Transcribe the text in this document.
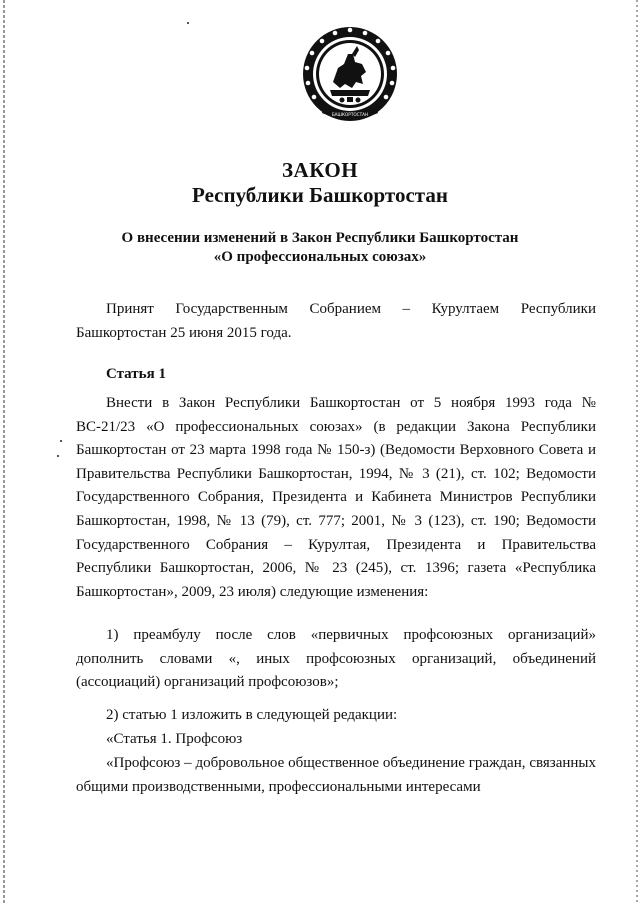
БАШКОРТОСТАН
ЗАКОН
Республики Башкортостан
О внесении изменений в Закон Республики Башкортостан
«О профессиональных союзах»

Принят Государственным Собранием – Курултаем Республики Башкортостан 25 июня 2015 года.

Статья 1

Внести в Закон Республики Башкортостан от 5 ноября 1993 года № ВС-21/23 «О профессиональных союзах» (в редакции Закона Республики Башкортостан от 23 марта 1998 года № 150-з) (Ведомости Верховного Совета и Правительства Республики Башкортостан, 1994, № 3 (21), ст. 102; Ведомости Государственного Собрания, Президента и Кабинета Министров Республики Башкортостан, 1998, № 13 (79), ст. 777; 2001, № 3 (123), ст. 190; Ведомости Государственного Собрания – Курултая, Президента и Правительства Республики Башкортостан, 2006, № 23 (245), ст. 1396; газета «Республика Башкортостан», 2009, 23 июля) следующие изменения:

1) преамбулу после слов «первичных профсоюзных организаций» дополнить словами «, иных профсоюзных организаций, объединений (ассоциаций) организаций профсоюзов»;

2) статью 1 изложить в следующей редакции:

«Статья 1. Профсоюз

«Профсоюз – добровольное общественное объединение граждан, связанных общими производственными, профессиональными интересами
